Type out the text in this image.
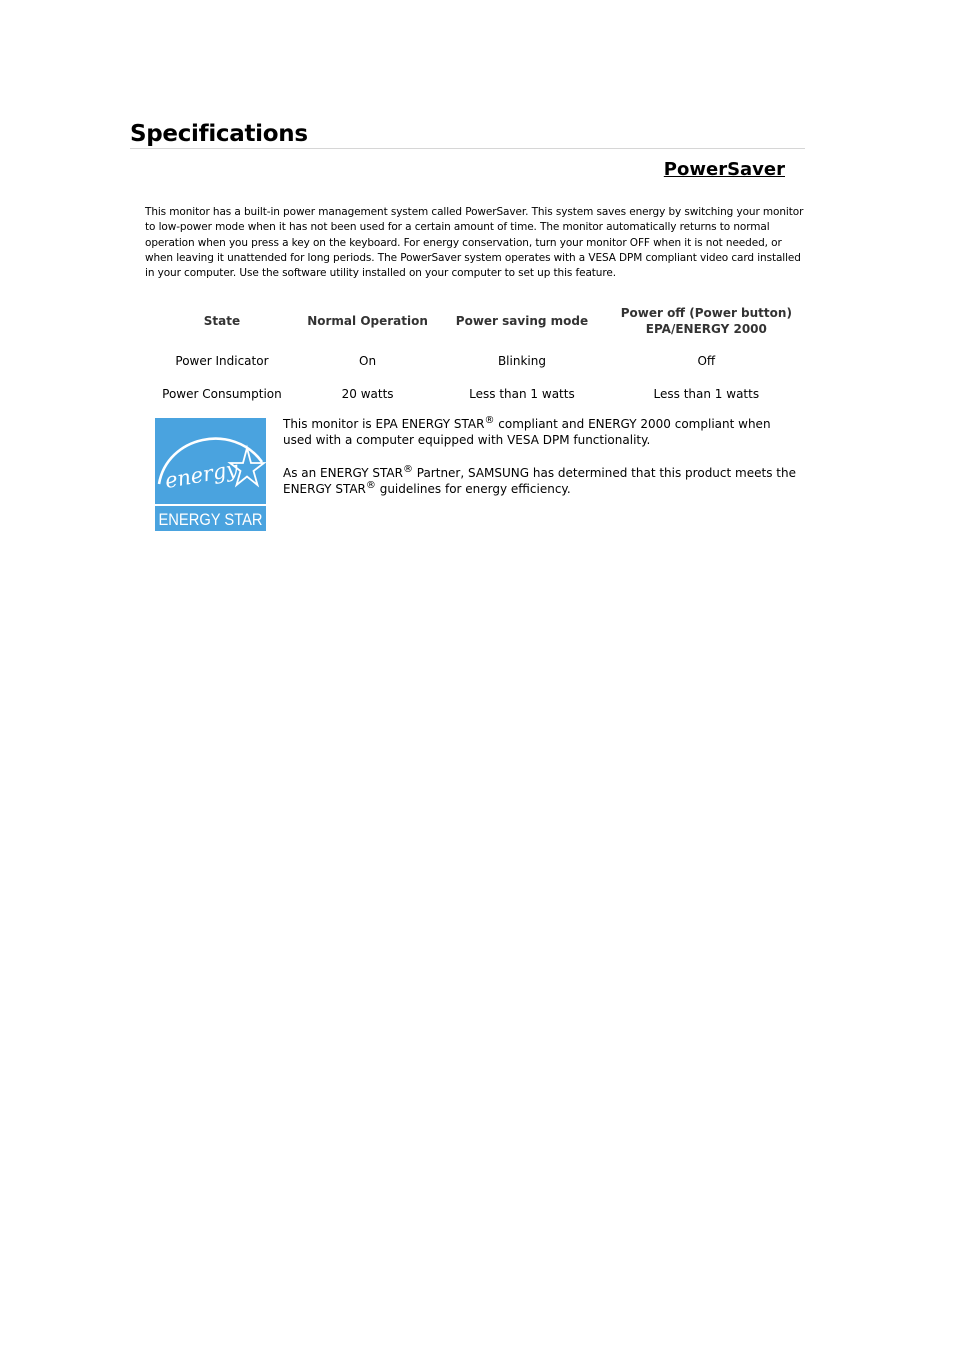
Specifications
PowerSaver

This monitor has a built-in power management system called PowerSaver. This system saves energy by switching your monitor to low-power mode when it has not been used for a certain amount of time. The monitor automatically returns to normal operation when you press a key on the keyboard. For energy conservation, turn your monitor OFF when it is not needed, or when leaving it unattended for long periods. The PowerSaver system operates with a VESA DPM compliant video card installed in your computer. Use the software utility installed on your computer to set up this feature.

State	Normal Operation	Power saving mode	Power off (Power button)
EPA/ENERGY 2000
Power Indicator	On	Blinking	Off
Power Consumption	20 watts	Less than 1 watts	Less than 1 watts
energy
ENERGY STAR

This monitor is EPA ENERGY STAR® compliant and ENERGY 2000 compliant when used with a computer equipped with VESA DPM functionality.

As an ENERGY STAR® Partner, SAMSUNG has determined that this product meets the ENERGY STAR® guidelines for energy efficiency.
